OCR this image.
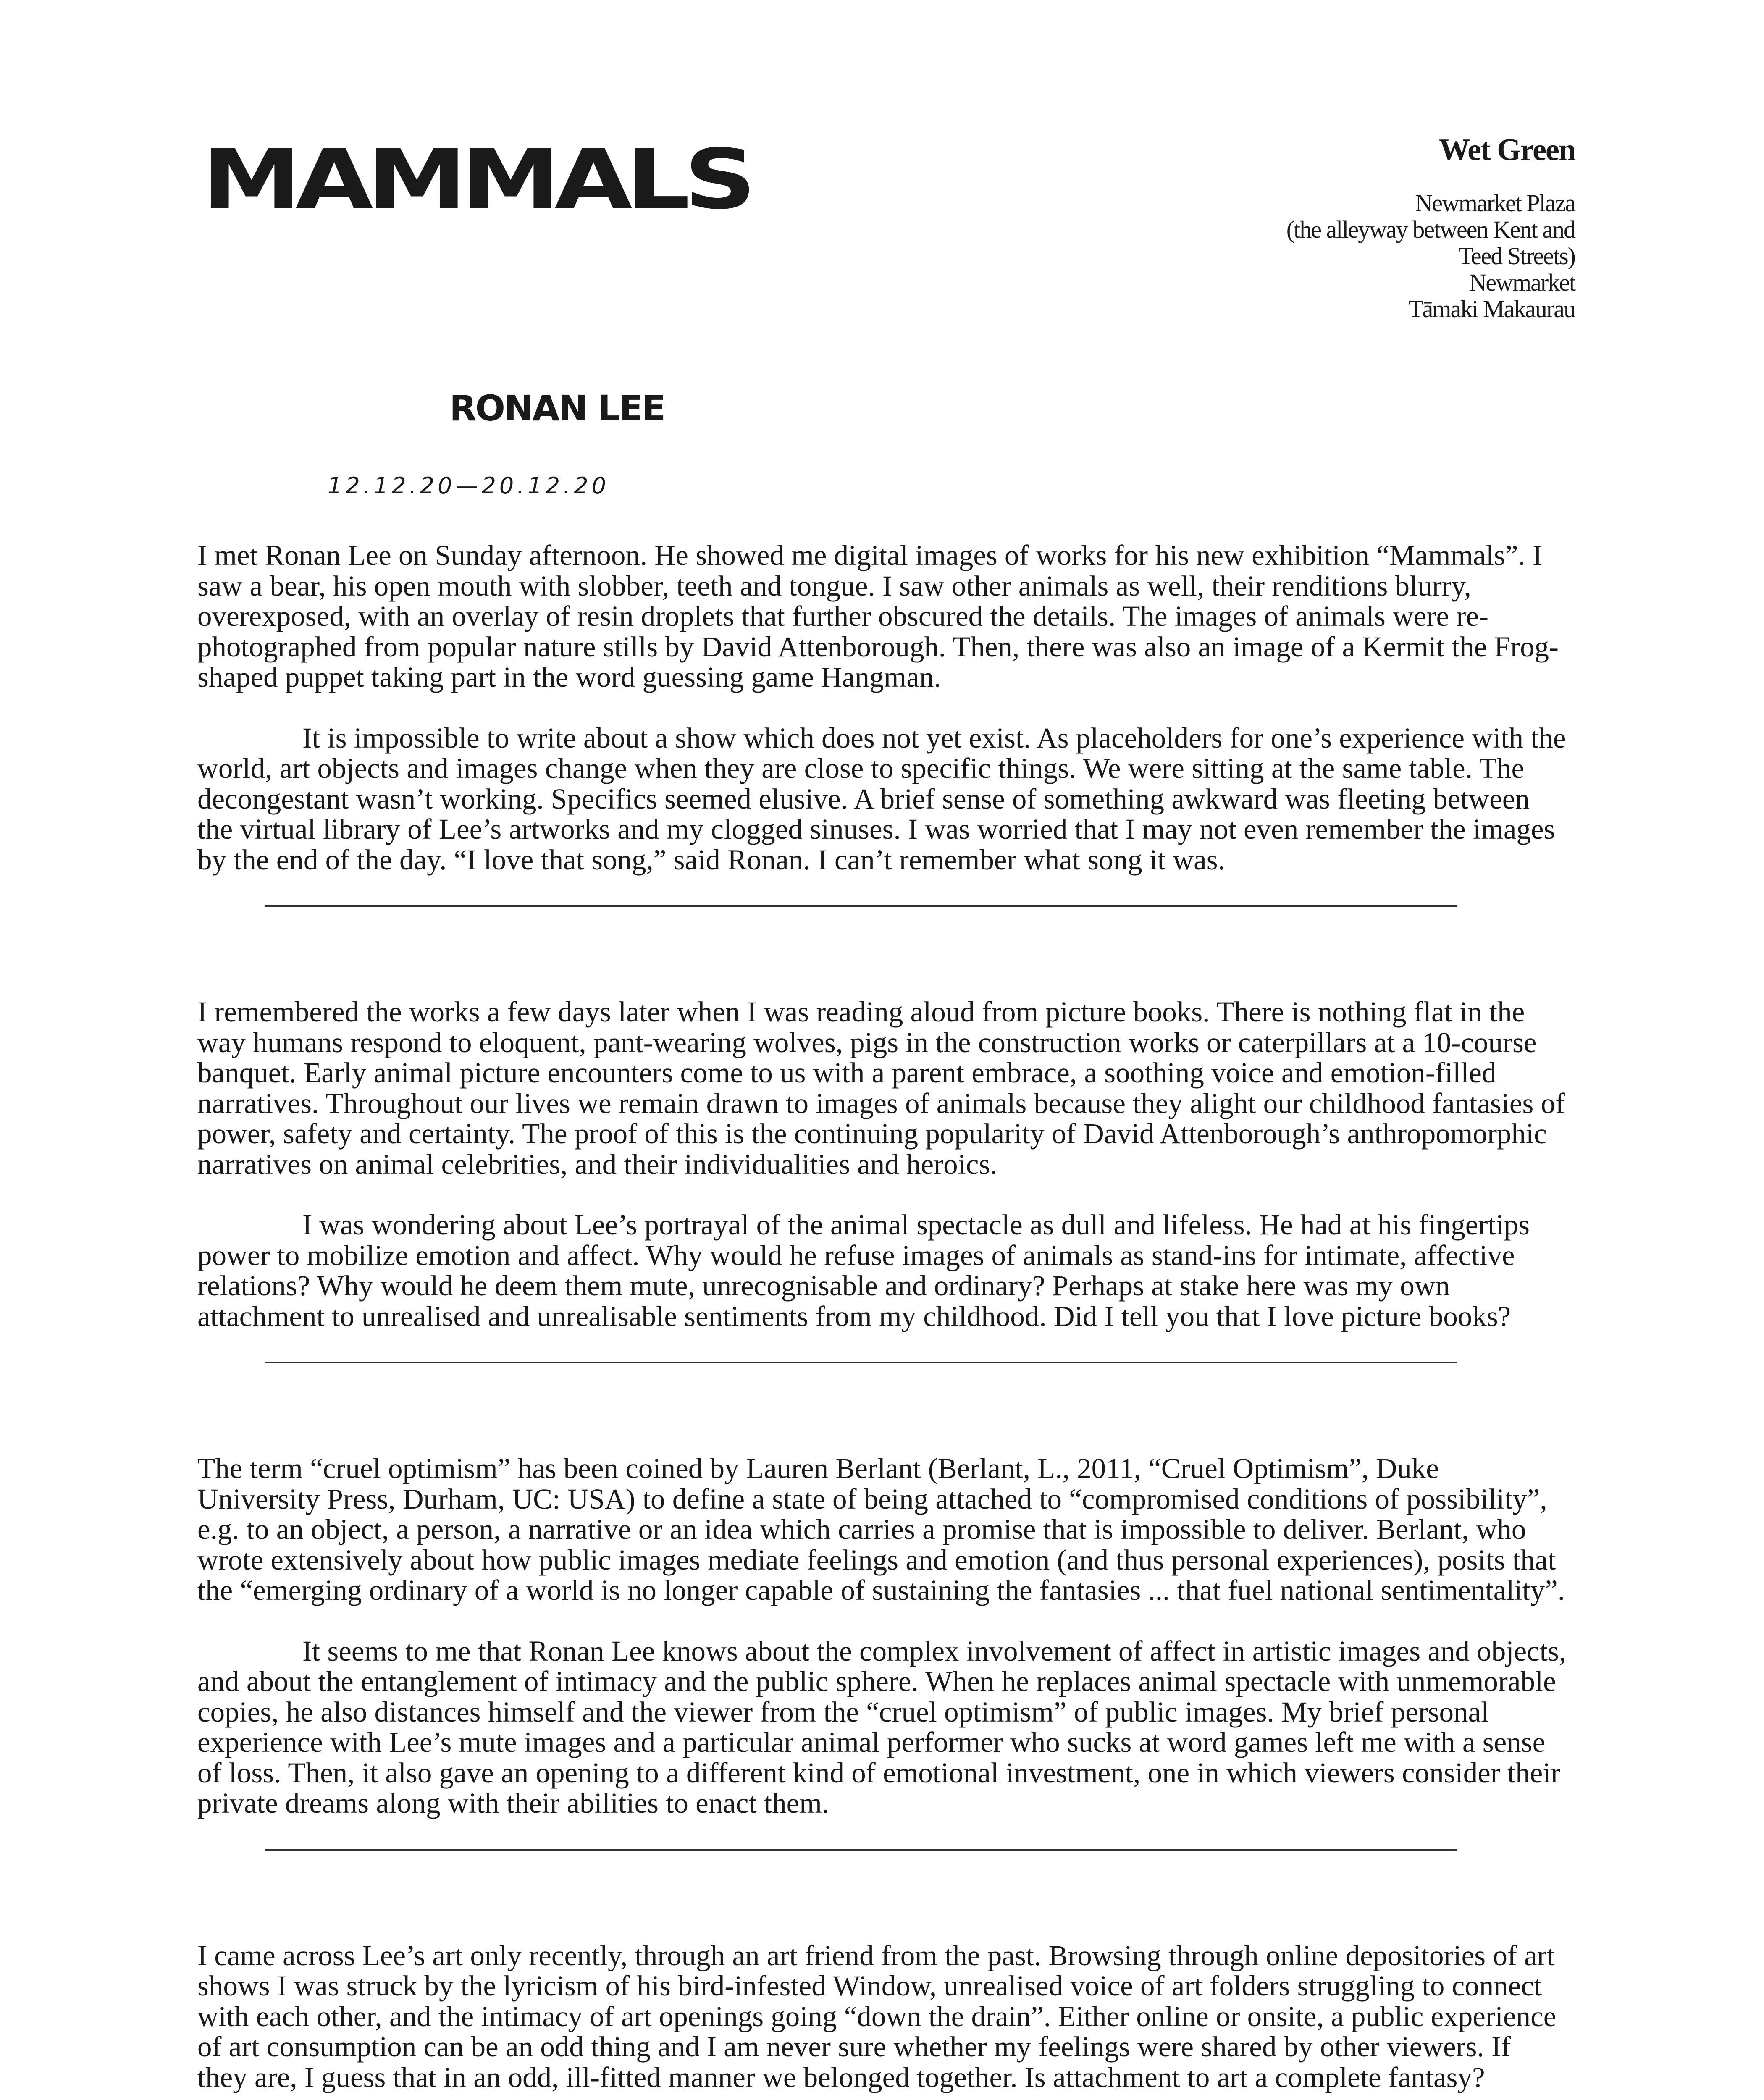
MAMMALS
RONAN LEE
12.12.20—20.12.20
Wet Green
Newmarket Plaza
(the alleyway between Kent and
Teed Streets)
Newmarket
Tāmaki Makaurau

I met Ronan Lee on Sunday afternoon. He showed me digital images of works for his new exhibition “Mammals”. I saw a bear, his open mouth with slobber, teeth and tongue. I saw other animals as well, their renditions blurry, overexposed, with an overlay of resin droplets that further obscured the details. The images of animals were re-photographed from popular nature stills by David Attenborough. Then, there was also an image of a Kermit the Frog-shaped puppet taking part in the word guessing game Hangman.

It is impossible to write about a show which does not yet exist. As placeholders for one’s experience with the world, art objects and images change when they are close to specific things. We were sitting at the same table. The decongestant wasn’t working. Specifics seemed elusive. A brief sense of something awkward was fleeting between the virtual library of Lee’s artworks and my clogged sinuses. I was worried that I may not even remember the images by the end of the day. “I love that song,” said Ronan. I can’t remember what song it was.

I remembered the works a few days later when I was reading aloud from picture books. There is nothing flat in the way humans respond to eloquent, pant-wearing wolves, pigs in the construction works or caterpillars at a 10-course banquet. Early animal picture encounters come to us with a parent embrace, a soothing voice and emotion-filled narratives. Throughout our lives we remain drawn to images of animals because they alight our childhood fantasies of power, safety and certainty. The proof of this is the continuing popularity of David Attenborough’s anthropomorphic narratives on animal celebrities, and their individualities and heroics.

I was wondering about Lee’s portrayal of the animal spectacle as dull and lifeless. He had at his fingertips power to mobilize emotion and affect. Why would he refuse images of animals as stand-ins for intimate, affective relations? Why would he deem them mute, unrecognisable and ordinary? Perhaps at stake here was my own attachment to unrealised and unrealisable sentiments from my childhood. Did I tell you that I love picture books?

The term “cruel optimism” has been coined by Lauren Berlant (Berlant, L., 2011, “Cruel Optimism”, Duke University Press, Durham, UC: USA) to define a state of being attached to “compromised conditions of possibility”, e.g. to an object, a person, a narrative or an idea which carries a promise that is impossible to deliver. Berlant, who wrote extensively about how public images mediate feelings and emotion (and thus personal experiences), posits that the “emerging ordinary of a world is no longer capable of sustaining the fantasies ... that fuel national sentimentality”.

It seems to me that Ronan Lee knows about the complex involvement of affect in artistic images and objects, and about the entanglement of intimacy and the public sphere. When he replaces animal spectacle with unmemorable copies, he also distances himself and the viewer from the “cruel optimism” of public images. My brief personal experience with Lee’s mute images and a particular animal performer who sucks at word games left me with a sense of loss. Then, it also gave an opening to a different kind of emotional investment, one in which viewers consider their private dreams along with their abilities to enact them.

I came across Lee’s art only recently, through an art friend from the past. Browsing through online depositories of art shows I was struck by the lyricism of his bird-infested Window, unrealised voice of art folders struggling to connect with each other, and the intimacy of art openings going “down the drain”. Either online or onsite, a public experience of art consumption can be an odd thing and I am never sure whether my feelings were shared by other viewers. If they are, I guess that in an odd, ill-fitted manner we belonged together. Is attachment to art a complete fantasy?
